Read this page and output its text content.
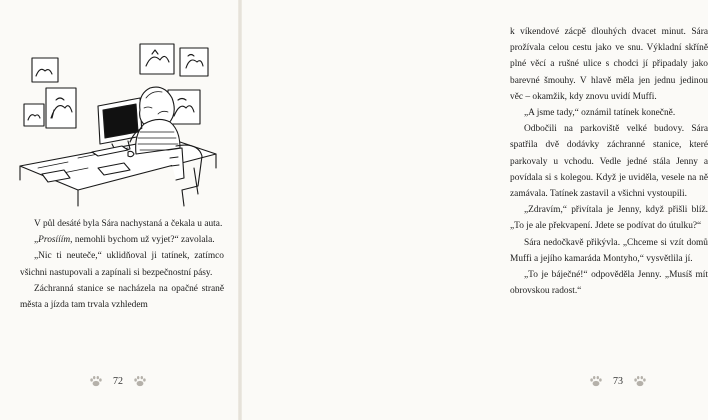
V půl desáté byla Sára nachystaná a čekala u auta.

„Prosííím, nemohli bychom už vyjet?“ zavolala.

„Nic ti neuteče,“ uklidňoval ji tatínek, zatímco všichni nastupovali a zapínali si bezpečnostní pásy.

Záchranná stanice se nacházela na opačné straně města a jízda tam trvala vzhledem

72

k víkendové zácpě dlouhých dvacet minut. Sára prožívala celou cestu jako ve snu. Výkladní skříně plné věcí a rušné ulice s chodci jí připadaly jako barevné šmouhy. V hlavě měla jen jednu jedinou věc – okamžik, kdy znovu uvidí Muffi.

„A jsme tady,“ oznámil tatínek konečně.

Odbočili na parkoviště velké budovy. Sára spatřila dvě dodávky záchranné stanice, které parkovaly u vchodu. Vedle jedné stála Jenny a povídala si s kolegou. Když je uviděla, vesele na ně zamávala. Tatínek zastavil a všichni vystoupili.

„Zdravím,“ přivítala je Jenny, když přišli blíž. „To je ale překvapení. Jdete se podívat do útulku?“

Sára nedočkavě přikývla. „Chceme si vzít domů Muffi a jejího kamaráda Montyho,“ vysvětlila jí.

„To je báječné!“ odpověděla Jenny. „Musíš mít obrovskou radost.“

73
